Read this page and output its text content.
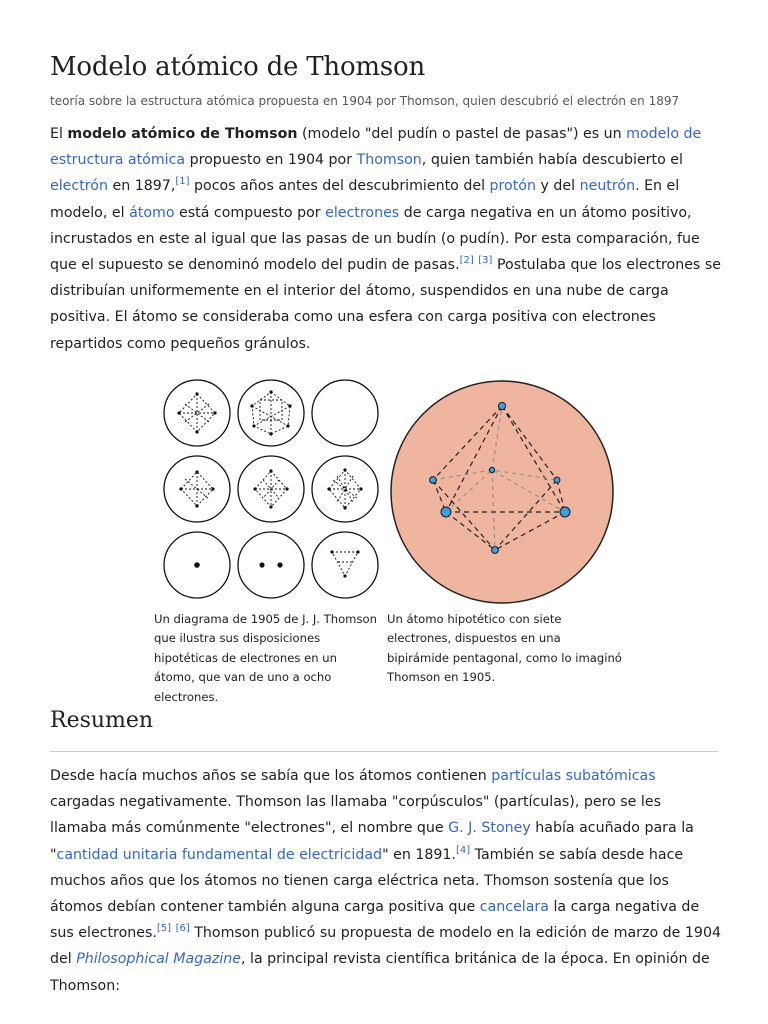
Modelo atómico de Thomson
teoría sobre la estructura atómica propuesta en 1904 por Thomson, quien descubrió el electrón en 1897
El modelo atómico de Thomson (modelo "del pudín o pastel de pasas") es un modelo de estructura atómica propuesto en 1904 por Thomson, quien también había descubierto el electrón en 1897,[1] pocos años antes del descubrimiento del protón y del neutrón. En el modelo, el átomo está compuesto por electrones de carga negativa en un átomo positivo, incrustados en este al igual que las pasas de un budín (o pudín). Por esta comparación, fue que el supuesto se denominó modelo del pudin de pasas.[2] [3] Postulaba que los electrones se distribuían uniformemente en el interior del átomo, suspendidos en una nube de carga positiva. El átomo se consideraba como una esfera con carga positiva con electrones repartidos como pequeños gránulos.
Un diagrama de 1905 de J. J. Thomson que ilustra sus disposiciones hipotéticas de electrones en un átomo, que van de uno a ocho electrones.
Un átomo hipotético con siete electrones, dispuestos en una bipirámide pentagonal, como lo imaginó Thomson en 1905.
Resumen
Desde hacía muchos años se sabía que los átomos contienen partículas subatómicas cargadas negativamente. Thomson las llamaba "corpúsculos" (partículas), pero se les llamaba más comúnmente "electrones", el nombre que G. J. Stoney había acuñado para la "cantidad unitaria fundamental de electricidad" en 1891.[4] También se sabía desde hace muchos años que los átomos no tienen carga eléctrica neta. Thomson sostenía que los átomos debían contener también alguna carga positiva que cancelara la carga negativa de sus electrones.[5] [6] Thomson publicó su propuesta de modelo en la edición de marzo de 1904 del Philosophical Magazine, la principal revista científica británica de la época. En opinión de Thomson:
